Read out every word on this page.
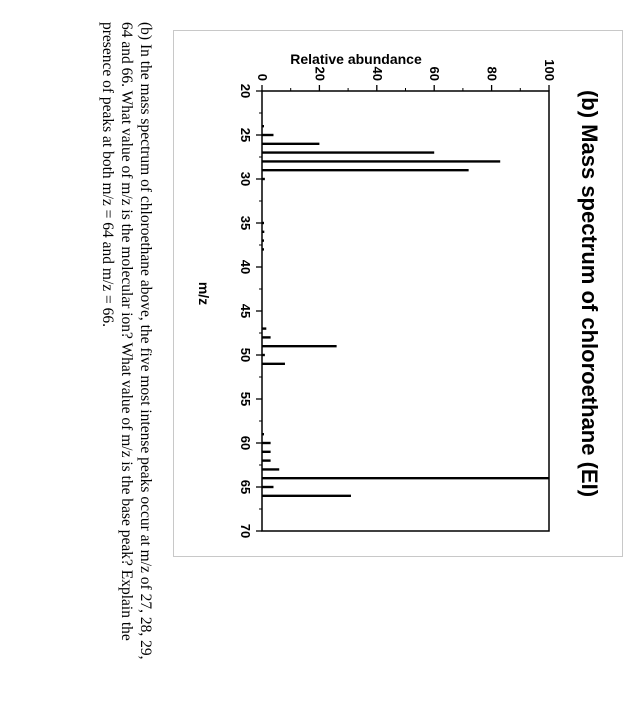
(b) Mass spectrum of chloroethane (EI)
Relative abundance
m/z
20
25
30
35
40
45
50
55
60
65
70
0	20	40	60	80	100
(b) In the mass spectrum of chloroethane above, the five most intense peaks occur at m/z of 27, 28, 29, 64 and 66. What value of m/z is the molecular ion? What value of m/z is the base peak? Explain the presence of peaks at both m/z = 64 and m/z = 66.
